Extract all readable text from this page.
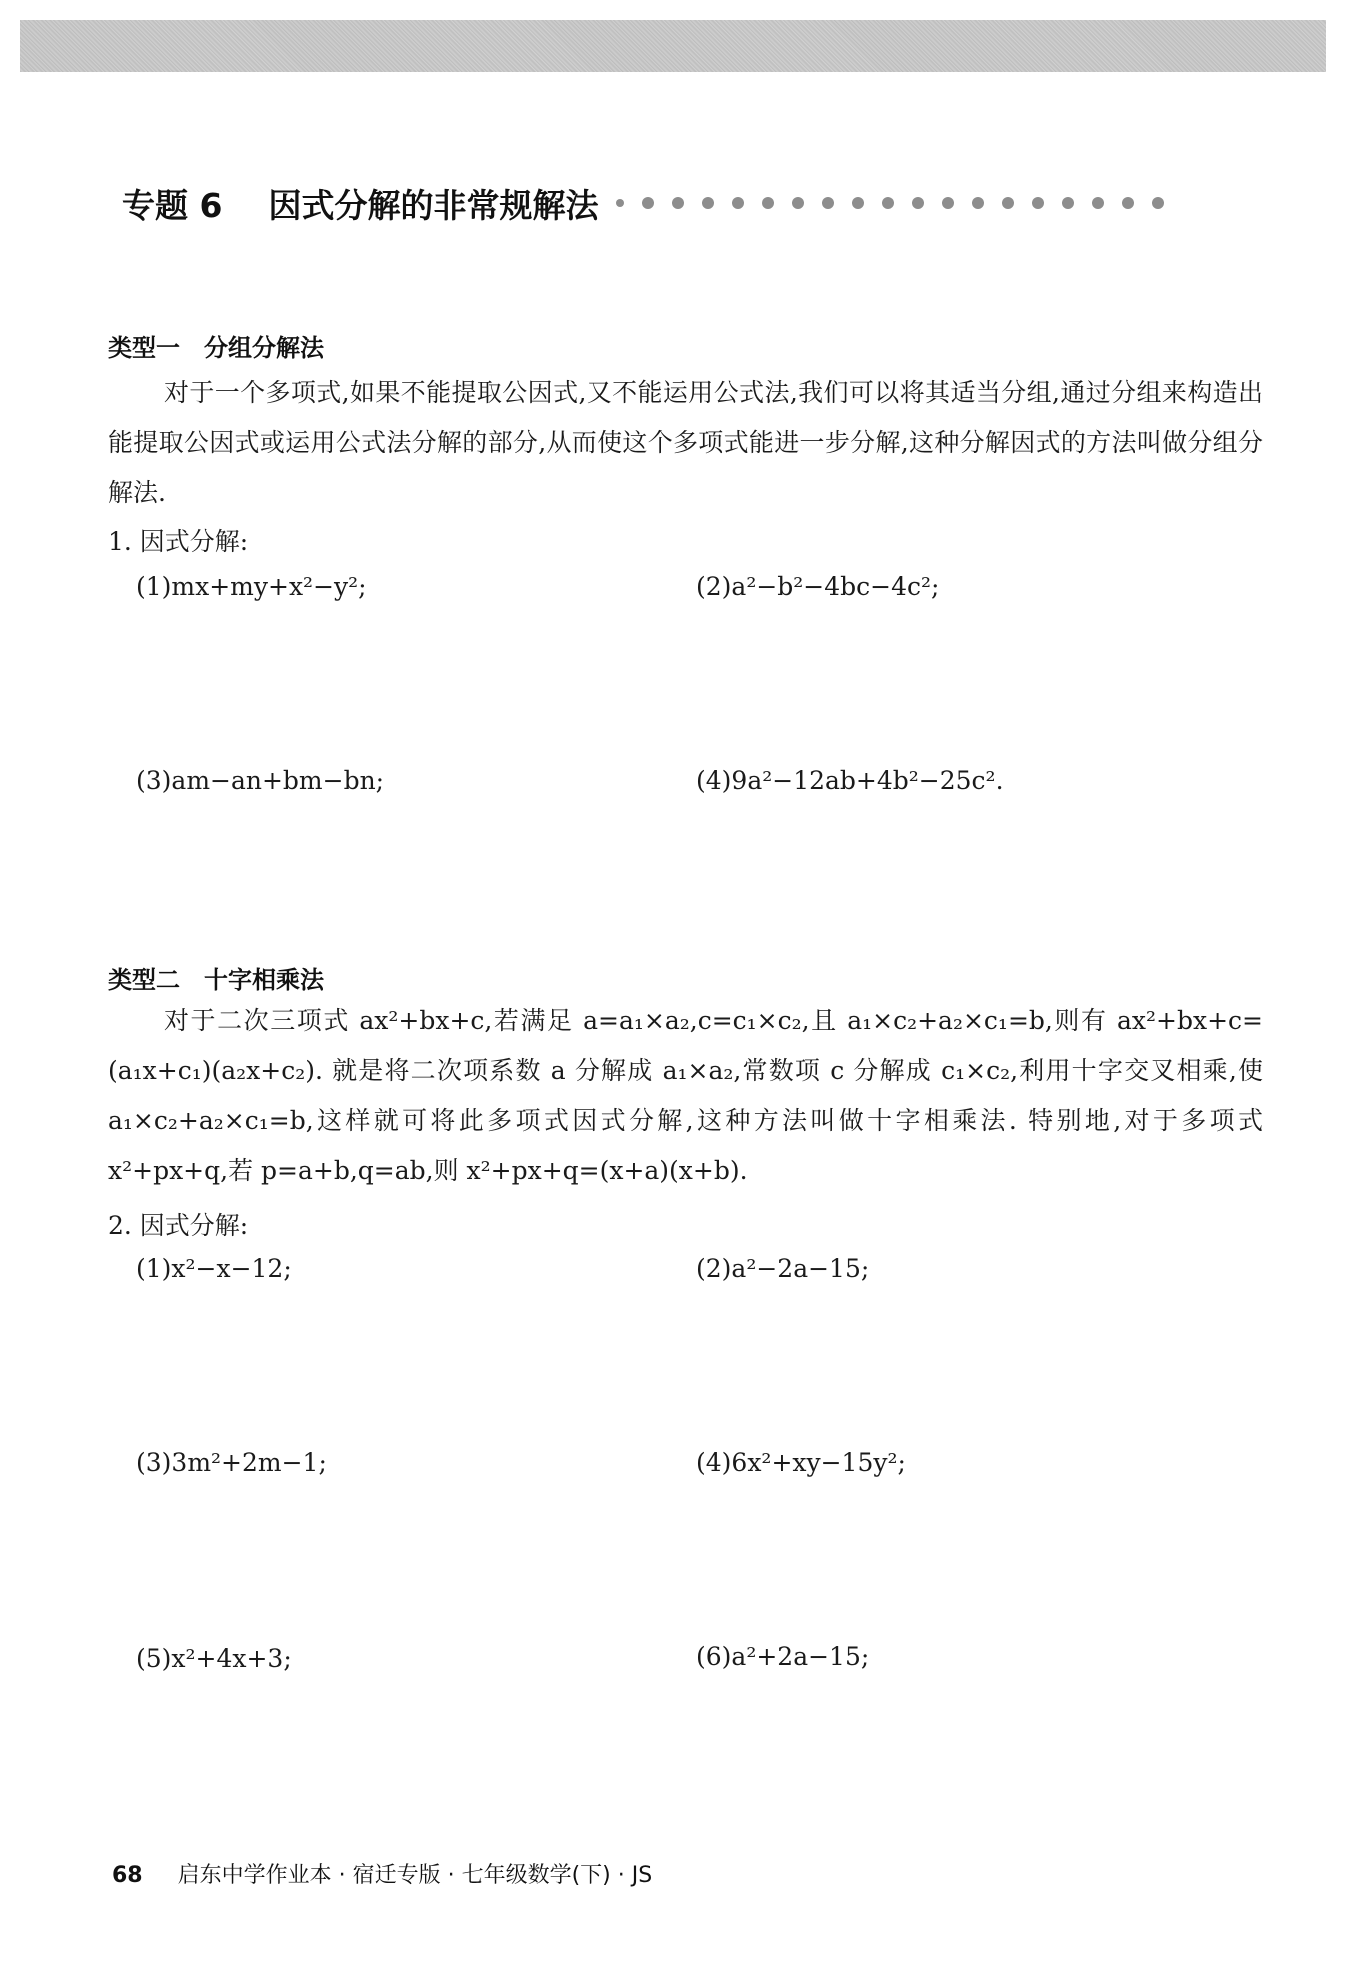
专题 6 因式分解的非常规解法
类型一　分组分解法
对于一个多项式,如果不能提取公因式,又不能运用公式法,我们可以将其适当分组,通过分组来构造出能提取公因式或运用公式法分解的部分,从而使这个多项式能进一步分解,这种分解因式的方法叫做分组分解法.
1. 因式分解:
(1)mx+my+x²−y²;	(2)a²−b²−4bc−4c²;
(3)am−an+bm−bn;	(4)9a²−12ab+4b²−25c².
类型二　十字相乘法
对于二次三项式 ax²+bx+c,若满足 a=a₁×a₂,c=c₁×c₂,且 a₁×c₂+a₂×c₁=b,则有 ax²+bx+c=(a₁x+c₁)(a₂x+c₂). 就是将二次项系数 a 分解成 a₁×a₂,常数项 c 分解成 c₁×c₂,利用十字交叉相乘,使 a₁×c₂+a₂×c₁=b,这样就可将此多项式因式分解,这种方法叫做十字相乘法. 特别地,对于多项式 x²+px+q,若 p=a+b,q=ab,则 x²+px+q=(x+a)(x+b).
2. 因式分解:
(1)x²−x−12;	(2)a²−2a−15;
(3)3m²+2m−1;	(4)6x²+xy−15y²;
(5)x²+4x+3;	(6)a²+2a−15;
68 启东中学作业本 · 宿迁专版 · 七年级数学(下) · JS
